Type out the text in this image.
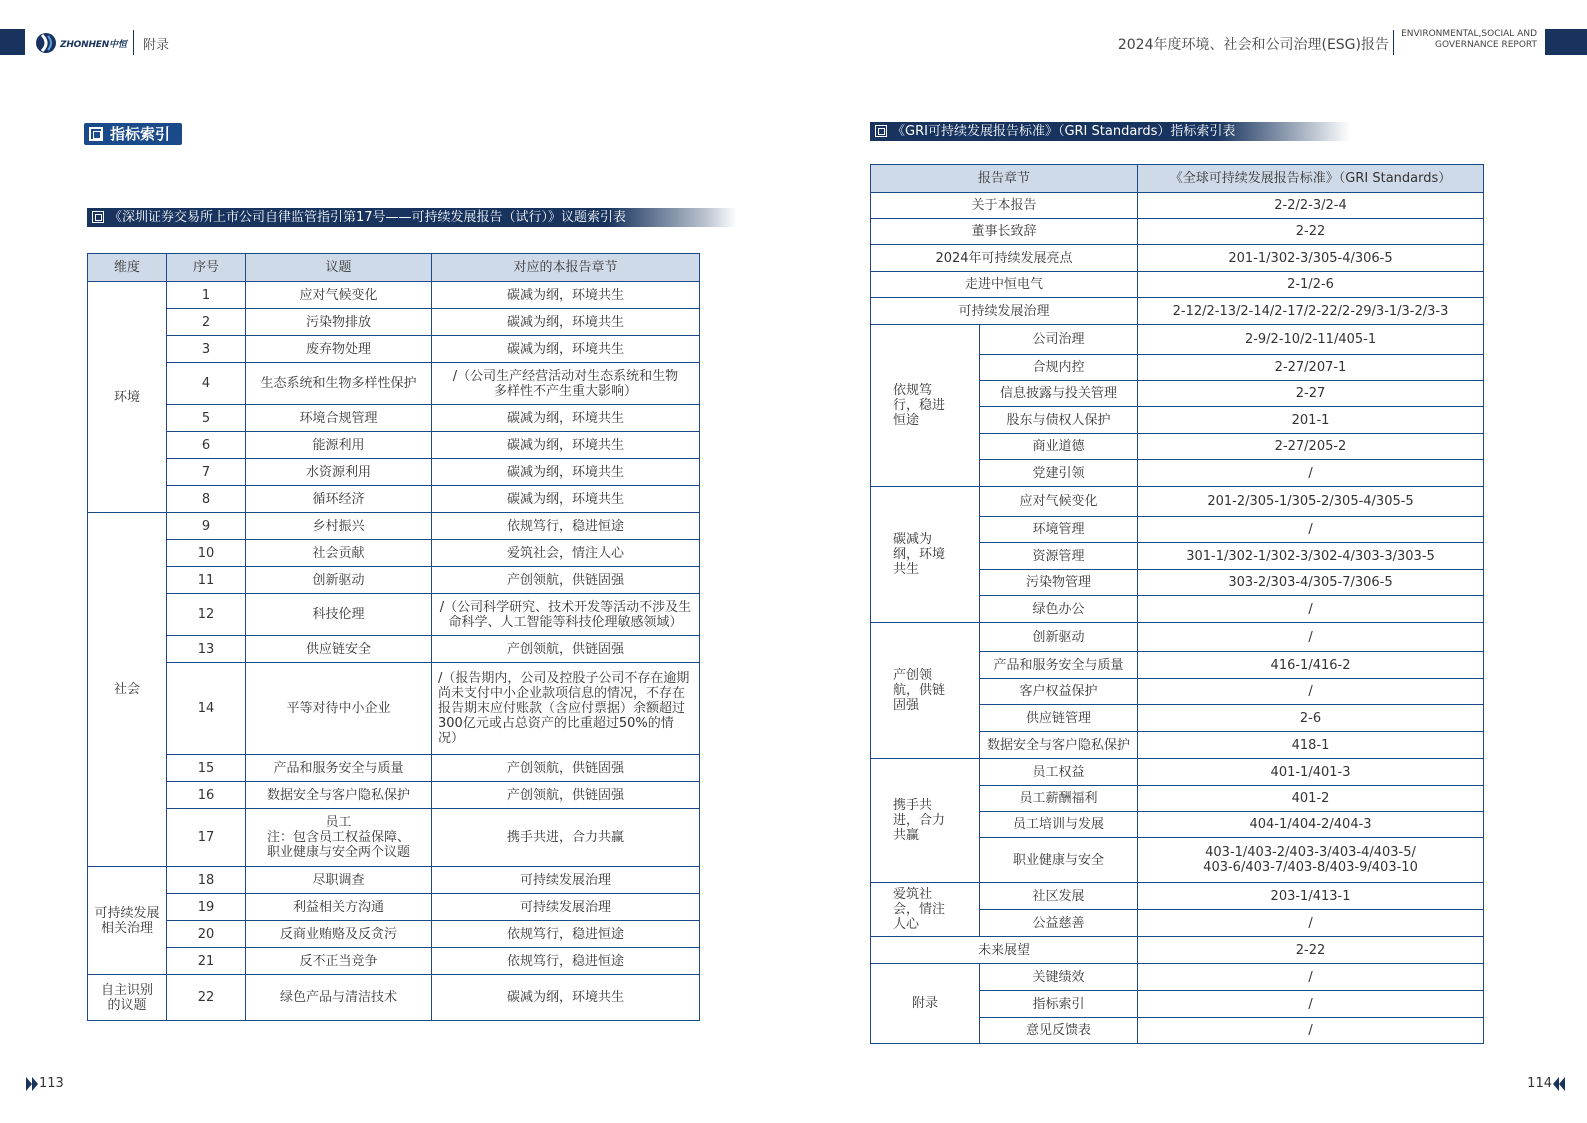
ZHONHEN中恒 附录	2024年度环境、社会和公司治理(ESG)报告
ENVIRONMENTAL,SOCIAL AND
GOVERNANCE REPORT
指标索引
《深圳证券交易所上市公司自律监管指引第17号——可持续发展报告（试行）》议题索引表
维度	序号	议题	对应的本报告章节
环境	1	应对气候变化	碳减为纲，环境共生
	2	污染物排放	碳减为纲，环境共生
	3	废弃物处理	碳减为纲，环境共生
	4	生态系统和生物多样性保护	/（公司生产经营活动对生态系统和生物多样性不产生重大影响）
	5	环境合规管理	碳减为纲，环境共生
	6	能源利用	碳减为纲，环境共生
	7	水资源利用	碳减为纲，环境共生
	8	循环经济	碳减为纲，环境共生
社会	9	乡村振兴	依规笃行，稳进恒途
	10	社会贡献	爱筑社会，情注人心
	11	创新驱动	产创领航，供链固强
	12	科技伦理	/（公司科学研究、技术开发等活动不涉及生命科学、人工智能等科技伦理敏感领域）
	13	供应链安全	产创领航，供链固强
	14	平等对待中小企业	/（报告期内，公司及控股子公司不存在逾期尚未支付中小企业款项信息的情况，不存在报告期末应付账款（含应付票据）余额超过300亿元或占总资产的比重超过50%的情况）
	15	产品和服务安全与质量	产创领航，供链固强
	16	数据安全与客户隐私保护	产创领航，供链固强
	17	员工
注：包含员工权益保障、
职业健康与安全两个议题	携手共进，合力共赢
可持续发展相关治理	18	尽职调查	可持续发展治理
	19	利益相关方沟通	可持续发展治理
	20	反商业贿赂及反贪污	依规笃行，稳进恒途
	21	反不正当竞争	依规笃行，稳进恒途
自主识别的议题	22	绿色产品与清洁技术	碳减为纲，环境共生
《GRI可持续发展报告标准》（GRI Standards）指标索引表
报告章节		《全球可持续发展报告标准》（GRI Standards）
关于本报告		2-2/2-3/2-4
董事长致辞		2-22
2024年可持续发展亮点		201-1/302-3/305-4/306-5
走进中恒电气		2-1/2-6
可持续发展治理		2-12/2-13/2-14/2-17/2-22/2-29/3-1/3-2/3-3
依规笃行，稳进恒途	公司治理	2-9/2-10/2-11/405-1
	合规内控	2-27/207-1
	信息披露与投关管理	2-27
	股东与债权人保护	201-1
	商业道德	2-27/205-2
	党建引领	/
碳减为纲，环境共生	应对气候变化	201-2/305-1/305-2/305-4/305-5
	环境管理	/
	资源管理	301-1/302-1/302-3/302-4/303-3/303-5
	污染物管理	303-2/303-4/305-7/306-5
	绿色办公	/
产创领航，供链固强	创新驱动	/
	产品和服务安全与质量	416-1/416-2
	客户权益保护	/
	供应链管理	2-6
	数据安全与客户隐私保护	418-1
携手共进，合力共赢	员工权益	401-1/401-3
	员工薪酬福利	401-2
	员工培训与发展	404-1/404-2/404-3
	职业健康与安全	403-1/403-2/403-3/403-4/403-5/
403-6/403-7/403-8/403-9/403-10

爱筑社会，情注人心	社区发展	203-1/413-1
	公益慈善	/
未来展望		2-22
附录	关键绩效	/
	指标索引	/
	意见反馈表	/
113	114
